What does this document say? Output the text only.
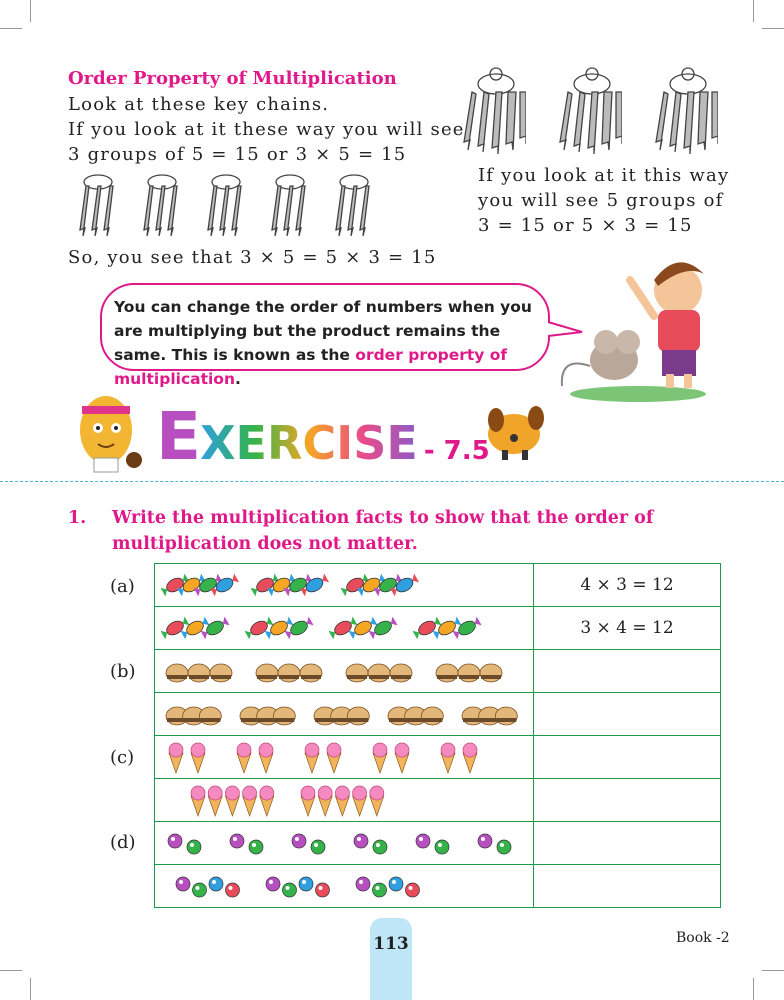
Order Property of Multiplication
Look at these key chains.
If you look at it these way you will see
3 groups of 5 = 15 or 3 × 5 = 15
If you look at it this way
you will see 5 groups of
3 = 15 or 5 × 3 = 15
So, you see that 3 × 5 = 5 × 3 = 15
You can change the order of numbers when you are multiplying but the product remains the same. This is known as the order property of multiplication.
EXERCISE - 7.5
1. Write the multiplication facts to show that the order of multiplication does not matter.
(a)
(b)
(c)
(d)
	4 × 3 = 12

	3 × 4 = 12

113	Book -2
